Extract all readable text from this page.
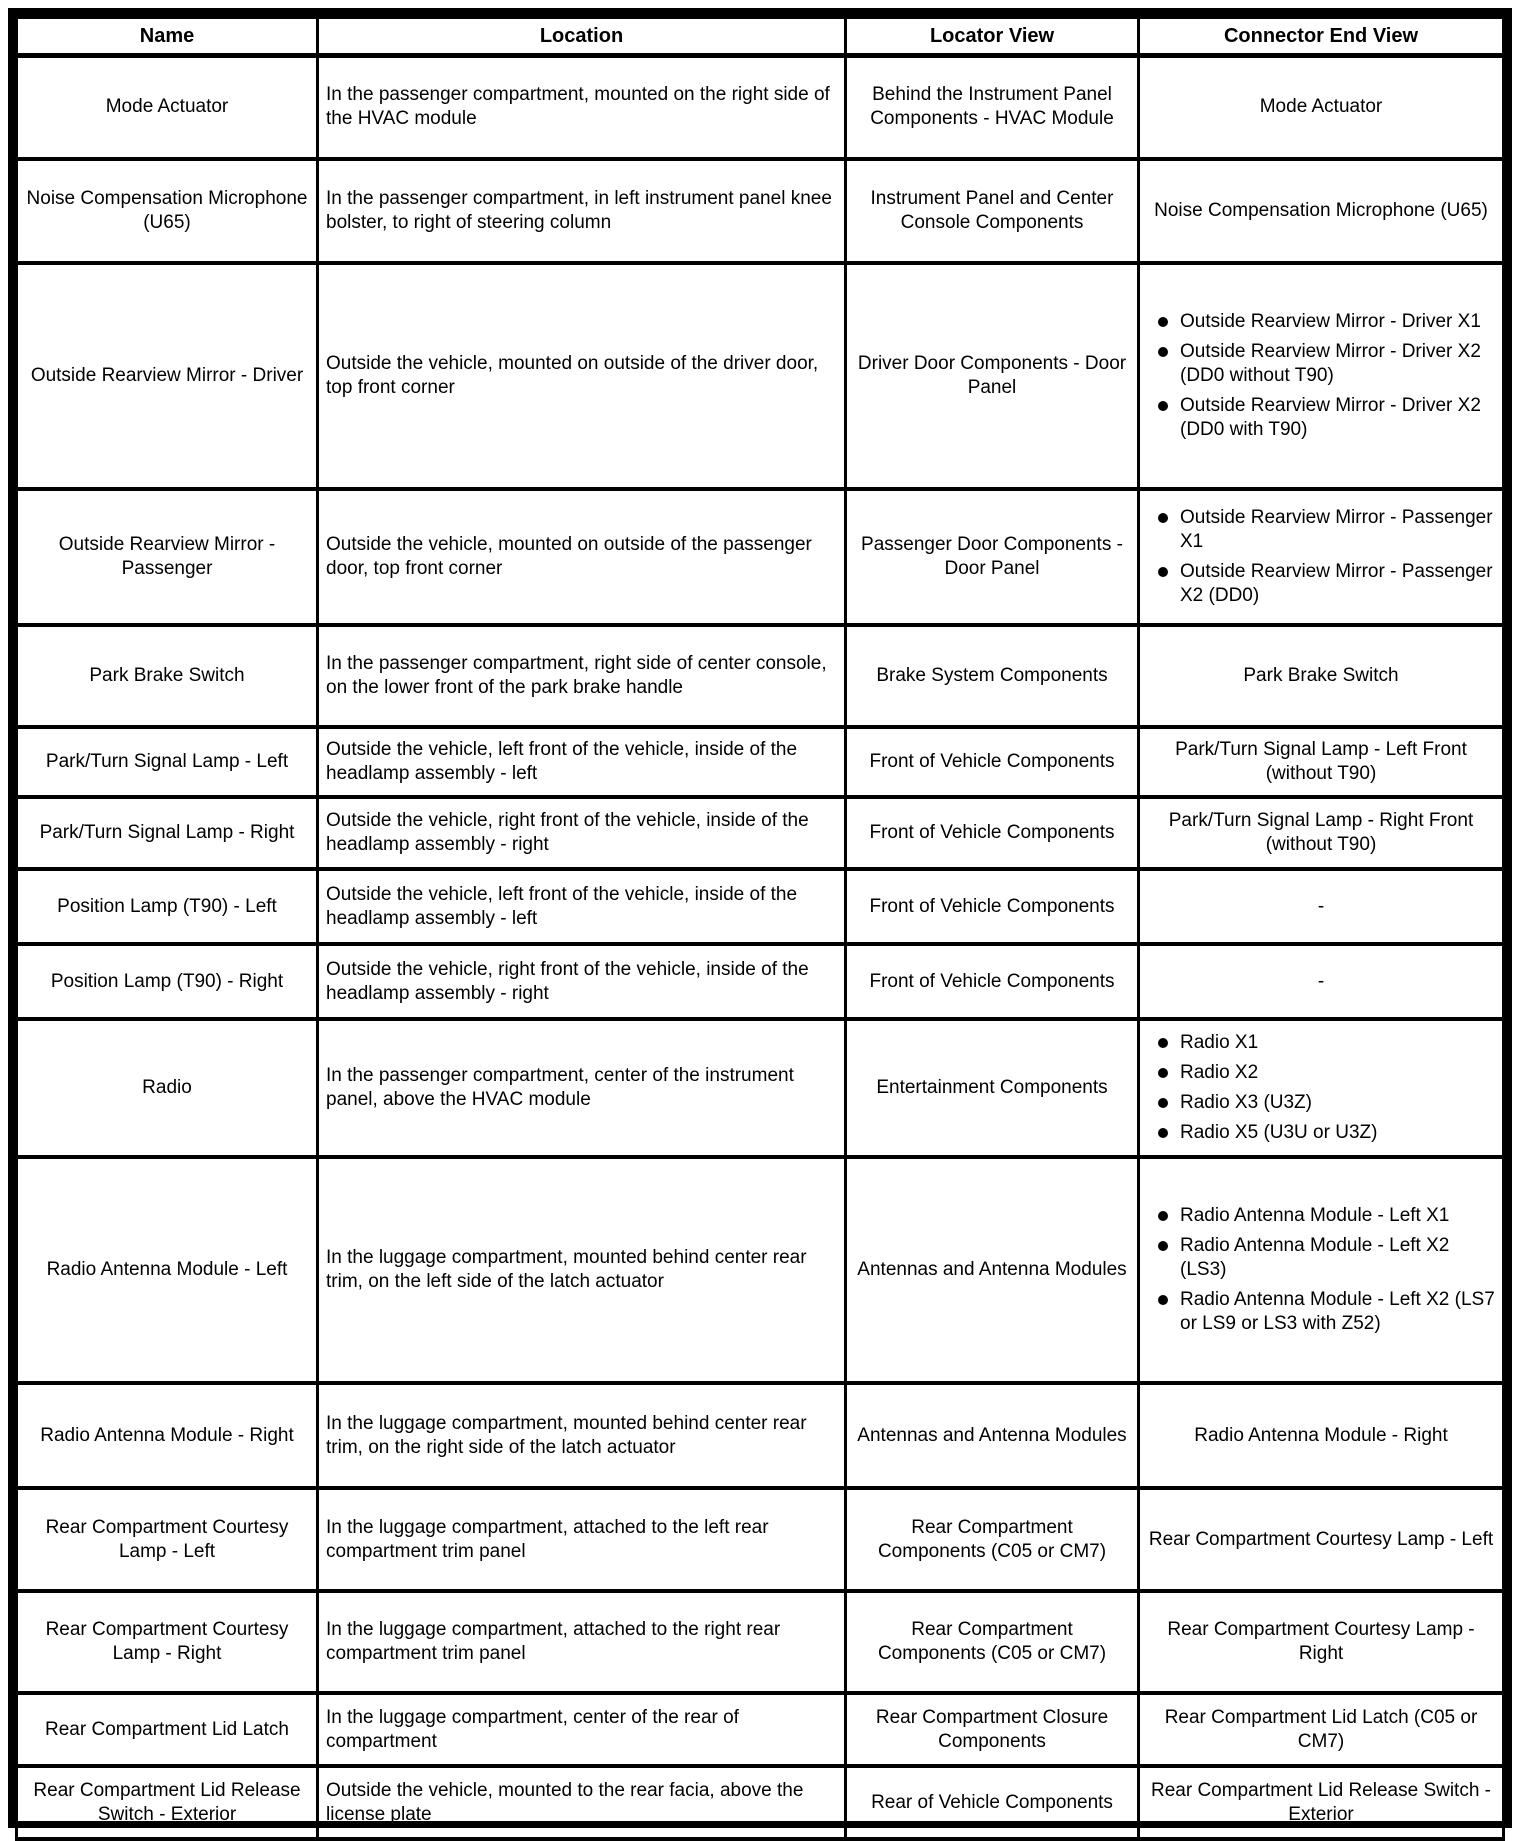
Name	Location	Locator View	Connector End View
Mode Actuator	In the passenger compartment, mounted on the right side of the HVAC module	Behind the Instrument Panel Components - HVAC Module	Mode Actuator
Noise Compensation Microphone (U65)	In the passenger compartment, in left instrument panel knee bolster, to right of steering column	Instrument Panel and Center Console Components	Noise Compensation Microphone (U65)
Outside Rearview Mirror - Driver	Outside the vehicle, mounted on outside of the driver door, top front corner	Driver Door Components - Door Panel	Outside Rearview Mirror - Driver X1
Outside Rearview Mirror - Driver X2 (DD0 without T90)
Outside Rearview Mirror - Driver X2 (DD0 with T90)

Outside Rearview Mirror - Passenger	Outside the vehicle, mounted on outside of the passenger door, top front corner	Passenger Door Components - Door Panel	Outside Rearview Mirror - Passenger X1
Outside Rearview Mirror - Passenger X2 (DD0)

Park Brake Switch	In the passenger compartment, right side of center console, on the lower front of the park brake handle	Brake System Components	Park Brake Switch
Park/Turn Signal Lamp - Left	Outside the vehicle, left front of the vehicle, inside of the headlamp assembly - left	Front of Vehicle Components	Park/Turn Signal Lamp - Left Front (without T90)
Park/Turn Signal Lamp - Right	Outside the vehicle, right front of the vehicle, inside of the headlamp assembly - right	Front of Vehicle Components	Park/Turn Signal Lamp - Right Front (without T90)
Position Lamp (T90) - Left	Outside the vehicle, left front of the vehicle, inside of the headlamp assembly - left	Front of Vehicle Components	-
Position Lamp (T90) - Right	Outside the vehicle, right front of the vehicle, inside of the headlamp assembly - right	Front of Vehicle Components	-
Radio	In the passenger compartment, center of the instrument panel, above the HVAC module	Entertainment Components	Radio X1
Radio X2
Radio X3 (U3Z)
Radio X5 (U3U or U3Z)

Radio Antenna Module - Left	In the luggage compartment, mounted behind center rear trim, on the left side of the latch actuator	Antennas and Antenna Modules	Radio Antenna Module - Left X1
Radio Antenna Module - Left X2 (LS3)
Radio Antenna Module - Left X2 (LS7 or LS9 or LS3 with Z52)

Radio Antenna Module - Right	In the luggage compartment, mounted behind center rear trim, on the right side of the latch actuator	Antennas and Antenna Modules	Radio Antenna Module - Right
Rear Compartment Courtesy Lamp - Left	In the luggage compartment, attached to the left rear compartment trim panel	Rear Compartment Components (C05 or CM7)	Rear Compartment Courtesy Lamp - Left
Rear Compartment Courtesy Lamp - Right	In the luggage compartment, attached to the right rear compartment trim panel	Rear Compartment Components (C05 or CM7)	Rear Compartment Courtesy Lamp - Right
Rear Compartment Lid Latch	In the luggage compartment, center of the rear of compartment	Rear Compartment Closure Components	Rear Compartment Lid Latch (C05 or CM7)
Rear Compartment Lid Release Switch - Exterior	Outside the vehicle, mounted to the rear facia, above the license plate	Rear of Vehicle Components	Rear Compartment Lid Release Switch - Exterior
